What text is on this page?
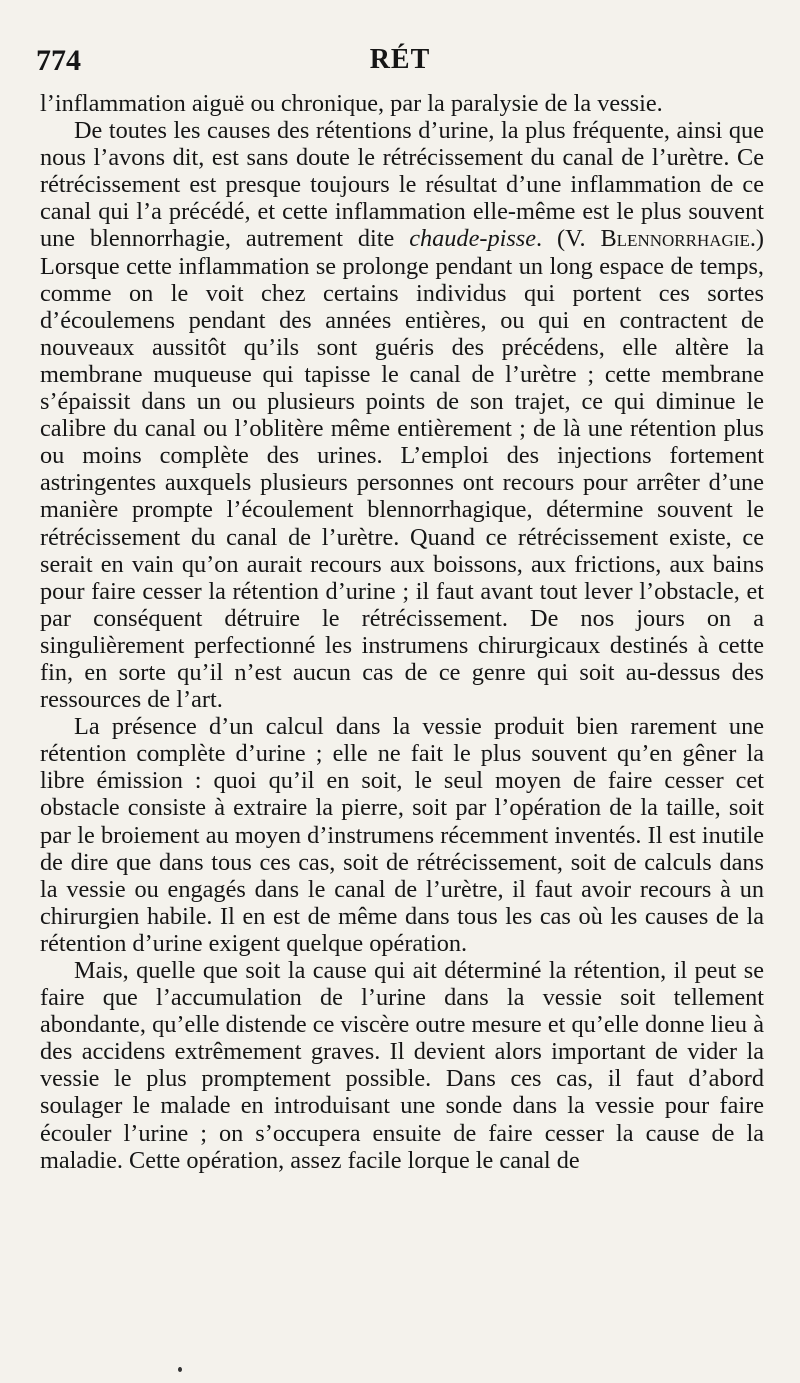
774	RÉT

l’inflammation aiguë ou chronique, par la paralysie de la vessie.

De toutes les causes des rétentions d’urine, la plus fréquente, ainsi que nous l’avons dit, est sans doute le rétrécissement du canal de l’urètre. Ce rétrécissement est presque toujours le résultat d’une inflammation de ce canal qui l’a précédé, et cette inflammation elle-même est le plus souvent une blennorrhagie, autrement dite chaude-pisse. (V. Blennorrhagie.) Lorsque cette inflammation se prolonge pendant un long espace de temps, comme on le voit chez certains individus qui portent ces sortes d’écoulemens pendant des années entières, ou qui en contractent de nouveaux aussitôt qu’ils sont guéris des précédens, elle altère la membrane muqueuse qui tapisse le canal de l’urètre ; cette membrane s’épaissit dans un ou plusieurs points de son trajet, ce qui diminue le calibre du canal ou l’oblitère même entièrement ; de là une rétention plus ou moins complète des urines. L’emploi des injections fortement astringentes auxquels plusieurs personnes ont recours pour arrêter d’une manière prompte l’écoulement blennorrhagique, détermine souvent le rétrécissement du canal de l’urètre. Quand ce rétrécissement existe, ce serait en vain qu’on aurait recours aux boissons, aux frictions, aux bains pour faire cesser la rétention d’urine ; il faut avant tout lever l’obstacle, et par conséquent détruire le rétrécissement. De nos jours on a singulièrement perfectionné les instrumens chirurgicaux destinés à cette fin, en sorte qu’il n’est aucun cas de ce genre qui soit au-dessus des ressources de l’art.

La présence d’un calcul dans la vessie produit bien rarement une rétention complète d’urine ; elle ne fait le plus souvent qu’en gêner la libre émission : quoi qu’il en soit, le seul moyen de faire cesser cet obstacle consiste à extraire la pierre, soit par l’opération de la taille, soit par le broiement au moyen d’instrumens récemment inventés. Il est inutile de dire que dans tous ces cas, soit de rétrécissement, soit de calculs dans la vessie ou engagés dans le canal de l’urètre, il faut avoir recours à un chirurgien habile. Il en est de même dans tous les cas où les causes de la rétention d’urine exigent quelque opération.

Mais, quelle que soit la cause qui ait déterminé la rétention, il peut se faire que l’accumulation de l’urine dans la vessie soit tellement abondante, qu’elle distende ce viscère outre mesure et qu’elle donne lieu à des accidens extrêmement graves. Il devient alors important de vider la vessie le plus promptement possible. Dans ces cas, il faut d’abord soulager le malade en introduisant une sonde dans la vessie pour faire écouler l’urine ; on s’occupera ensuite de faire cesser la cause de la maladie. Cette opération, assez facile lorque le canal de
